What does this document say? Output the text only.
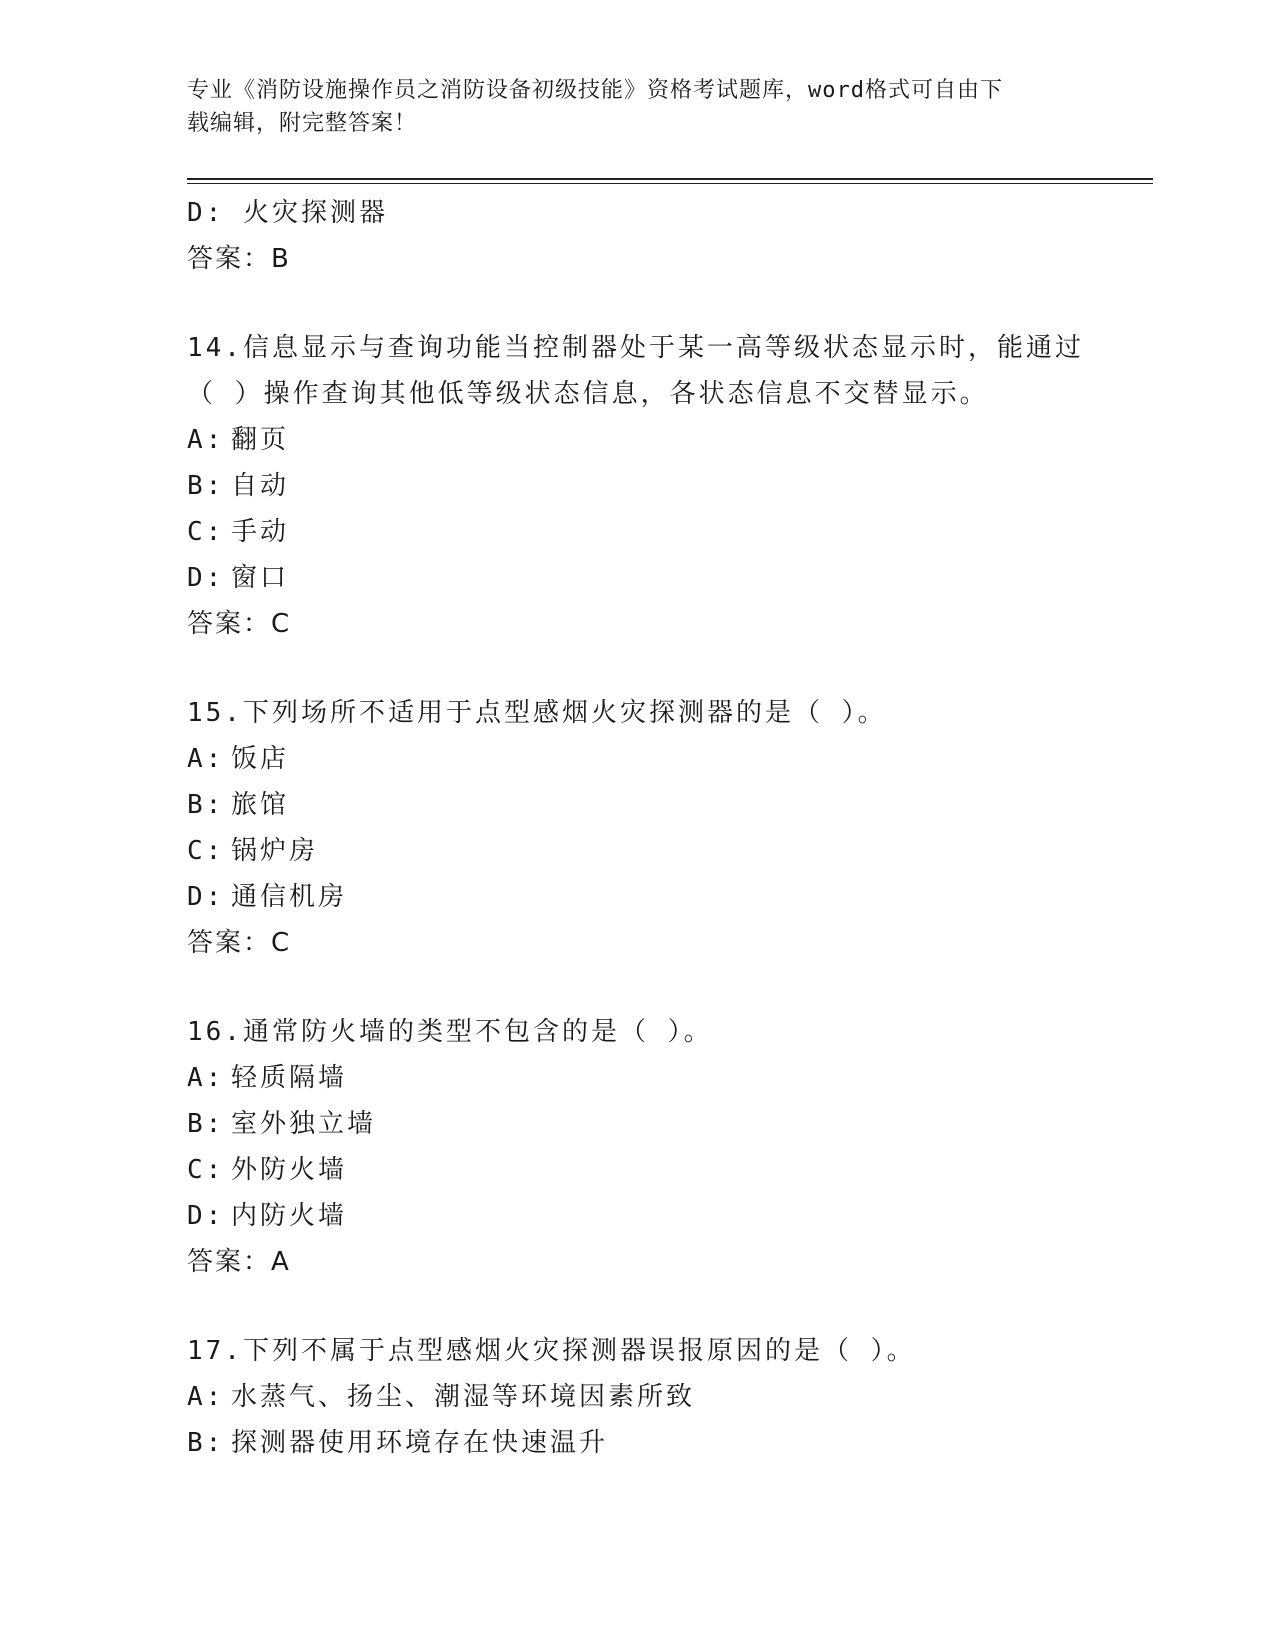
专业《消防设施操作员之消防设备初级技能》资格考试题库，word格式可自由下
载编辑，附完整答案！
D: 火灾探测器
答案：B
14.信息显示与查询功能当控制器处于某一高等级状态显示时，能通过
（ ）操作查询其他低等级状态信息，各状态信息不交替显示。
A: 翻页
B: 自动
C: 手动
D: 窗口
答案：C
15.下列场所不适用于点型感烟火灾探测器的是（ ）。
A: 饭店
B: 旅馆
C: 锅炉房
D: 通信机房
答案：C
16.通常防火墙的类型不包含的是（ ）。
A: 轻质隔墙
B: 室外独立墙
C: 外防火墙
D: 内防火墙
答案：A
17.下列不属于点型感烟火灾探测器误报原因的是（ ）。
A: 水蒸气、扬尘、潮湿等环境因素所致
B: 探测器使用环境存在快速温升
